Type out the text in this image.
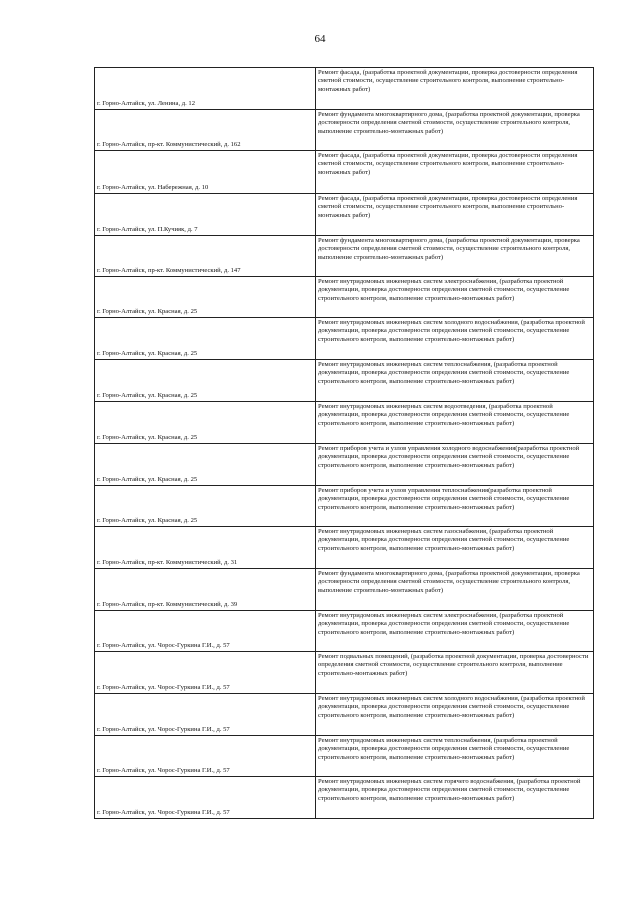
64
г. Горно-Алтайск, ул. Ленина, д. 12	Ремонт фасада, (разработка проектной документации, проверка достоверности определения сметной стоимости, осуществление строительного контроля, выполнение строительно-монтажных работ)
г. Горно-Алтайск, пр-кт. Коммунистический, д. 162	Ремонт фундамента многоквартирного дома, (разработка проектной документации, проверка достоверности определения сметной стоимости, осуществление строительного контроля, выполнение строительно-монтажных работ)
г. Горно-Алтайск, ул. Набережная, д. 10	Ремонт фасада, (разработка проектной документации, проверка достоверности определения сметной стоимости, осуществление строительного контроля, выполнение строительно-монтажных работ)
г. Горно-Алтайск, ул. П.Кучияк, д. 7	Ремонт фасада, (разработка проектной документации, проверка достоверности определения сметной стоимости, осуществление строительного контроля, выполнение строительно-монтажных работ)
г. Горно-Алтайск, пр-кт. Коммунистический, д. 147	Ремонт фундамента многоквартирного дома, (разработка проектной документации, проверка достоверности определения сметной стоимости, осуществление строительного контроля, выполнение строительно-монтажных работ)
г. Горно-Алтайск, ул. Красная, д. 25	Ремонт внутридомовых инженерных систем электроснабжения, (разработка проектной документации, проверка достоверности определения сметной стоимости, осуществление строительного контроля, выполнение строительно-монтажных работ)
г. Горно-Алтайск, ул. Красная, д. 25	Ремонт внутридомовых инженерных систем холодного водоснабжения, (разработка проектной документации, проверка достоверности определения сметной стоимости, осуществление строительного контроля, выполнение строительно-монтажных работ)
г. Горно-Алтайск, ул. Красная, д. 25	Ремонт внутридомовых инженерных систем теплоснабжения, (разработка проектной документации, проверка достоверности определения сметной стоимости, осуществление строительного контроля, выполнение строительно-монтажных работ)
г. Горно-Алтайск, ул. Красная, д. 25	Ремонт внутридомовых инженерных систем водоотведения, (разработка проектной документации, проверка достоверности определения сметной стоимости, осуществление строительного контроля, выполнение строительно-монтажных работ)
г. Горно-Алтайск, ул. Красная, д. 25	Ремонт приборов учета и узлов управления холодного водоснабжения(разработка проектной документации, проверка достоверности определения сметной стоимости, осуществление строительного контроля, выполнение строительно-монтажных работ)
г. Горно-Алтайск, ул. Красная, д. 25	Ремонт приборов учета и узлов управления теплоснабжения(разработка проектной документации, проверка достоверности определения сметной стоимости, осуществление строительного контроля, выполнение строительно-монтажных работ)
г. Горно-Алтайск, пр-кт. Коммунистический, д. 31	Ремонт внутридомовых инженерных систем газоснабжения, (разработка проектной документации, проверка достоверности определения сметной стоимости, осуществление строительного контроля, выполнение строительно-монтажных работ)
г. Горно-Алтайск, пр-кт. Коммунистический, д. 39	Ремонт фундамента многоквартирного дома, (разработка проектной документации, проверка достоверности определения сметной стоимости, осуществление строительного контроля, выполнение строительно-монтажных работ)
г. Горно-Алтайск, ул. Чорос-Гуркина Г.И., д. 57	Ремонт внутридомовых инженерных систем электроснабжения, (разработка проектной документации, проверка достоверности определения сметной стоимости, осуществление строительного контроля, выполнение строительно-монтажных работ)
г. Горно-Алтайск, ул. Чорос-Гуркина Г.И., д. 57	Ремонт подвальных помещений, (разработка проектной документации, проверка достоверности определения сметной стоимости, осуществление строительного контроля, выполнение строительно-монтажных работ)
г. Горно-Алтайск, ул. Чорос-Гуркина Г.И., д. 57	Ремонт внутридомовых инженерных систем холодного водоснабжения, (разработка проектной документации, проверка достоверности определения сметной стоимости, осуществление строительного контроля, выполнение строительно-монтажных работ)
г. Горно-Алтайск, ул. Чорос-Гуркина Г.И., д. 57	Ремонт внутридомовых инженерных систем теплоснабжения, (разработка проектной документации, проверка достоверности определения сметной стоимости, осуществление строительного контроля, выполнение строительно-монтажных работ)
г. Горно-Алтайск, ул. Чорос-Гуркина Г.И., д. 57	Ремонт внутридомовых инженерных систем горячего водоснабжения, (разработка проектной документации, проверка достоверности определения сметной стоимости, осуществление строительного контроля, выполнение строительно-монтажных работ)
